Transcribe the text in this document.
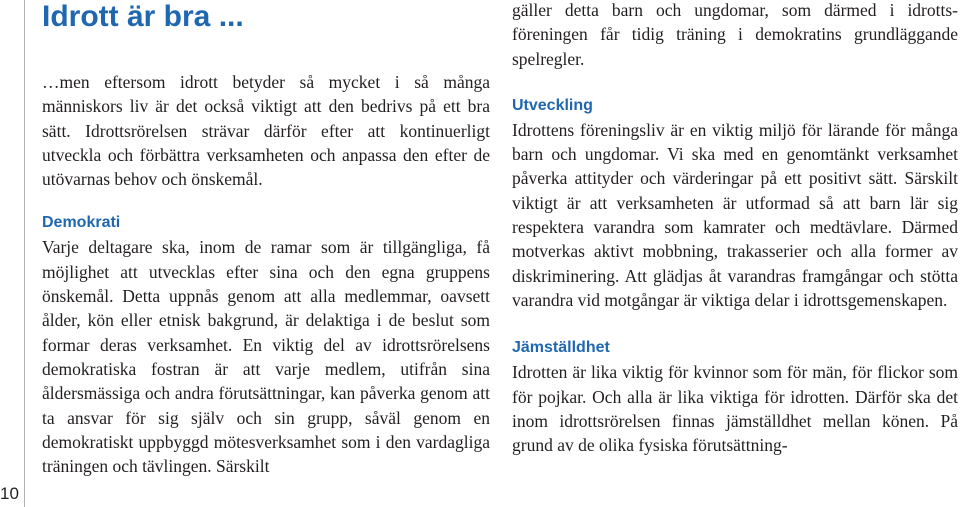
10
Idrott är bra ...

…men eftersom idrott betyder så mycket i så många människors liv är det också viktigt att den bedrivs på ett bra sätt. Idrottsrörelsen strävar därför efter att kontinuerligt utveckla och förbättra verksamheten och anpassa den efter de utövarnas behov och önskemål.

Demokrati

Varje deltagare ska, inom de ramar som är tillgängliga, få möjlighet att utvecklas efter sina och den egna gruppens önskemål. Detta uppnås genom att alla medlemmar, oavsett ålder, kön eller etnisk bakgrund, är delaktiga i de beslut som formar deras verksamhet. En viktig del av idrottsrörelsens demokratiska fostran är att varje medlem, utifrån sina åldersmässiga och andra förutsättningar, kan påverka genom att ta ansvar för sig själv och sin grupp, såväl genom en demokratiskt uppbyggd mötesverksamhet som i den vardagliga träningen och tävlingen. Särskilt

gäller detta barn och ungdomar, som därmed i idrottsföreningen får tidig träning i demokratins grundläggande spelregler.

Utveckling

Idrottens föreningsliv är en viktig miljö för lärande för många barn och ungdomar. Vi ska med en genomtänkt verksamhet påverka attityder och värderingar på ett positivt sätt. Särskilt viktigt är att verksamheten är utformad så att barn lär sig respektera varandra som kamrater och medtävlare. Därmed motverkas aktivt mobbning, trakasserier och alla former av diskriminering. Att glädjas åt varandras framgångar och stötta varandra vid motgångar är viktiga delar i idrottsgemenskapen.

Jämställdhet

Idrotten är lika viktig för kvinnor som för män, för flickor som för pojkar. Och alla är lika viktiga för idrotten. Därför ska det inom idrottsrörelsen finnas jämställdhet mellan könen. På grund av de olika fysiska förutsättning-
